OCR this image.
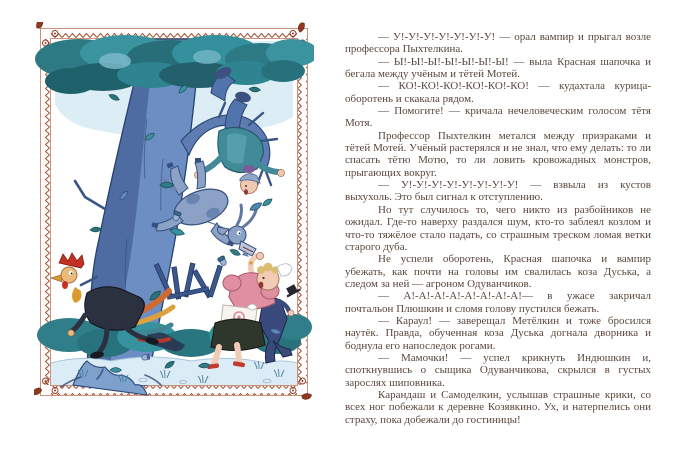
— У!-У!-У!-У!-У!-У!-У! — орал вампир и прыгал возле профессора Пыхтелкина.

— Ы!-Ы!-Ы!-Ы!-Ы!-Ы!-Ы! — выла Красная шапочка и бегала между учёным и тётей Мотей.

— КО!-КО!-КО!-КО!-КО!-КО! — кудахтала курица-оборотень и скакала рядом.

— Помогите! — кричала нечеловеческим голосом тётя Мотя.

Профессор Пыхтелкин метался между призраками и тётей Мотей. Учёный растерялся и не знал, что ему делать: то ли спасать тётю Мотю, то ли ловить кровожадных монстров, прыгающих вокруг.

— У!-У!-У!-У!-У!-У!-У!-У! — взвыла из кустов выхухоль. Это был сигнал к отступлению.

Но тут случилось то, чего никто из разбойников не ожидал. Где-то наверху раздался шум, кто-то заблеял козлом и что-то тяжёлое стало падать, со страшным треском ломая ветки старого дуба.

Не успели оборотень, Красная шапочка и вампир убежать, как почти на головы им свалилась коза Дуська, а следом за ней — агроном Одуванчиков.

— А!-А!-А!-А!-А!-А!-А!-А!— в ужасе закричал почтальон Плюшкин и сломя голову пустился бежать.

— Караул! — заверещал Метёлкин и тоже бросился наутёк. Правда, обученная коза Дуська догнала дворника и боднула его напоследок рогами.

— Мамочки! — успел крикнуть Индюшкин и, споткнувшись о сыщика Одуванчикова, скрылся в густых зарослях шиповника.

Карандаш и Самоделкин, услышав страшные крики, со всех ног побежали к деревне Козявкино. Ух, и натерпелись они страху, пока добежали до гостиницы!
